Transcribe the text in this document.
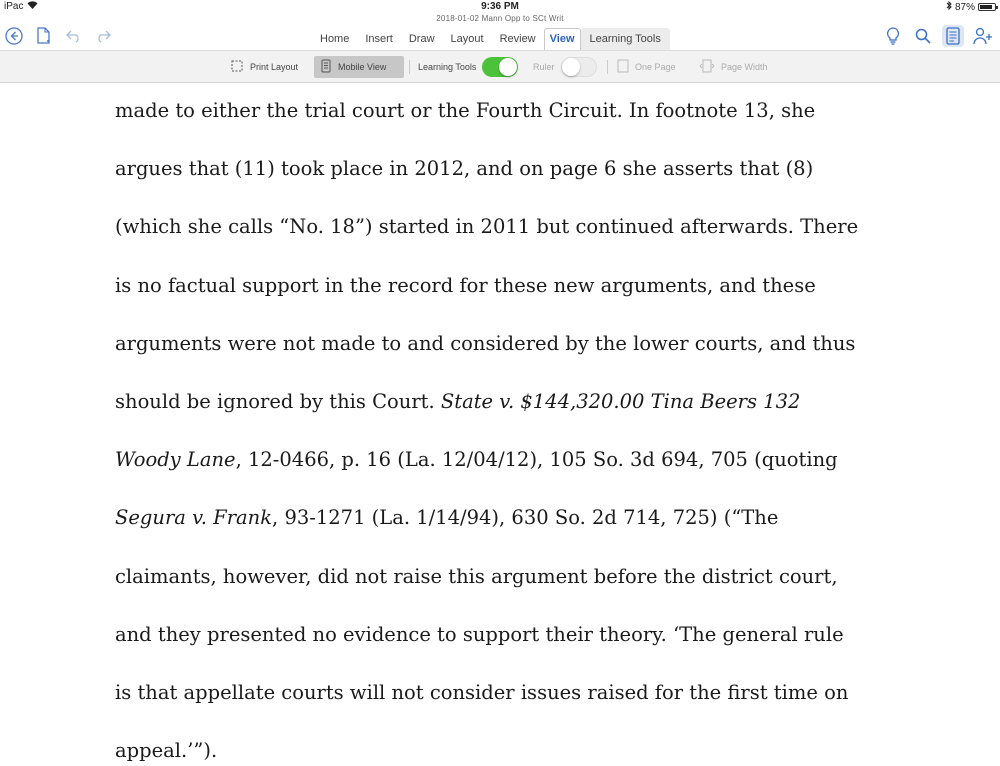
iPac	9:36 PM	87%
2018-01-02 Mann Opp to SCt Writ
Home	Insert	Draw	Layout	Review	View	Learning Tools
Print Layout	Mobile View	Learning Tools	Ruler	One Page	Page Width
made to either the trial court or the Fourth Circuit. In footnote 13, she
argues that (11) took place in 2012, and on page 6 she asserts that (8)
(which she calls “No. 18”) started in 2011 but continued afterwards. There
is no factual support in the record for these new arguments, and these
arguments were not made to and considered by the lower courts, and thus
should be ignored by this Court. State v. $144,320.00 Tina Beers 132
Woody Lane, 12-0466, p. 16 (La. 12/04/12), 105 So. 3d 694, 705 (quoting
Segura v. Frank, 93-1271 (La. 1/14/94), 630 So. 2d 714, 725) (“The
claimants, however, did not raise this argument before the district court,
and they presented no evidence to support their theory. ‘The general rule
is that appellate courts will not consider issues raised for the first time on
appeal.’”).
